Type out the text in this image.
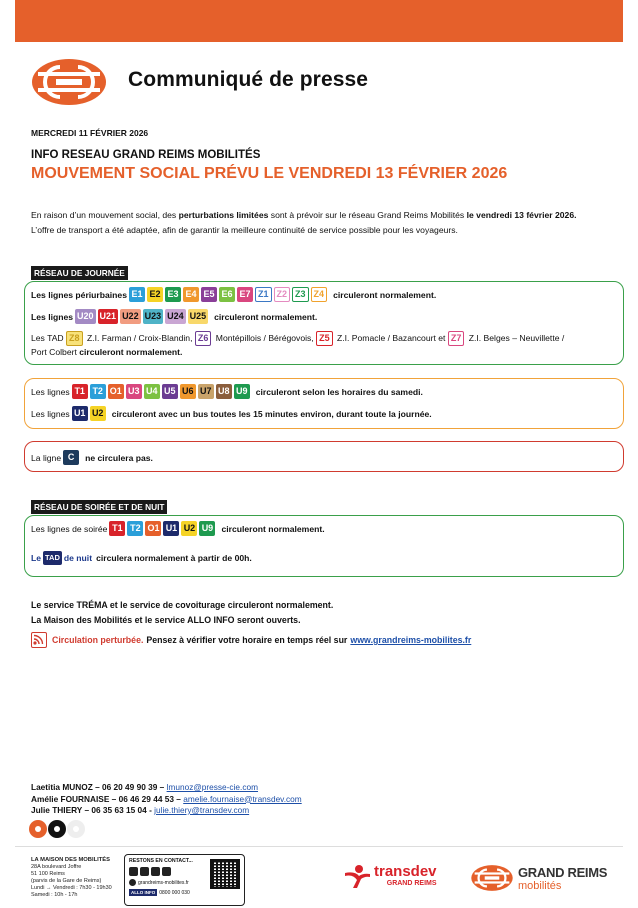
Communiqué de presse
MERCREDI 11 FÉVRIER 2026
INFO RESEAU GRAND REIMS MOBILITÉS
MOUVEMENT SOCIAL PRÉVU LE VENDREDI 13 FÉVRIER 2026

En raison d’un mouvement social, des perturbations limitées sont à prévoir sur le réseau Grand Reims Mobilités le vendredi 13 février 2026.

L’offre de transport a été adaptée, afin de garantir la meilleure continuité de service possible pour les voyageurs.

RÉSEAU DE JOURNÉE
Les lignes périurbaines E1 E2 E3 E4 E5 E6 E7 Z1 Z2 Z3 Z4	circuleront normalement.
Les lignes U20 U21 U22 U23 U24 U25 circuleront normalement.
Les TAD Z8 Z.I. Farman / Croix-Blandin, Z6 Montépillois / Bérégovois, Z5 Z.I. Pomacle / Bazancourt et Z7 Z.I. Belges – Neuvillette /
Port Colbert circuleront normalement.
Les lignes T1 T2 O1 U3 U4 U5 U6 U7 U8 U9 circuleront selon les horaires du samedi.
Les lignes U1 U2 circuleront avec un bus toutes les 15 minutes environ, durant toute la journée.
La ligne C	ne circulera pas.
RÉSEAU DE SOIRÉE ET DE NUIT
Les lignes de soirée T1 T2 O1 U1 U2 U9 circuleront normalement.
Le TAD de nuit circulera normalement à partir de 00h.
Le service TRÉMA et le service de covoiturage circuleront normalement.
La Maison des Mobilités et le service ALLO INFO seront ouverts.
Circulation perturbée. Pensez à vérifier votre horaire en temps réel sur www.grandreims-mobilites.fr
Laetitia MUNOZ – 06 20 49 90 39 – lmunoz@presse-cie.com
Amélie FOURNAISE – 06 46 29 44 53 – amelie.fournaise@transdev.com
Julie THIERY – 06 35 63 15 04 - julie.thiery@transdev.com
LA MAISON DES MOBILITÉS
28A boulevard Joffre
51 100 Reims
(parvis de la Gare de Reims)
Lundi → Vendredi : 7h30 - 19h30
Samedi : 10h - 17h
RESTONS EN CONTACT...
grandreims-mobilites.fr
ALLO INFO 0800 000 030
transdev
GRAND REIMS
GRAND REIMS
mobilités
